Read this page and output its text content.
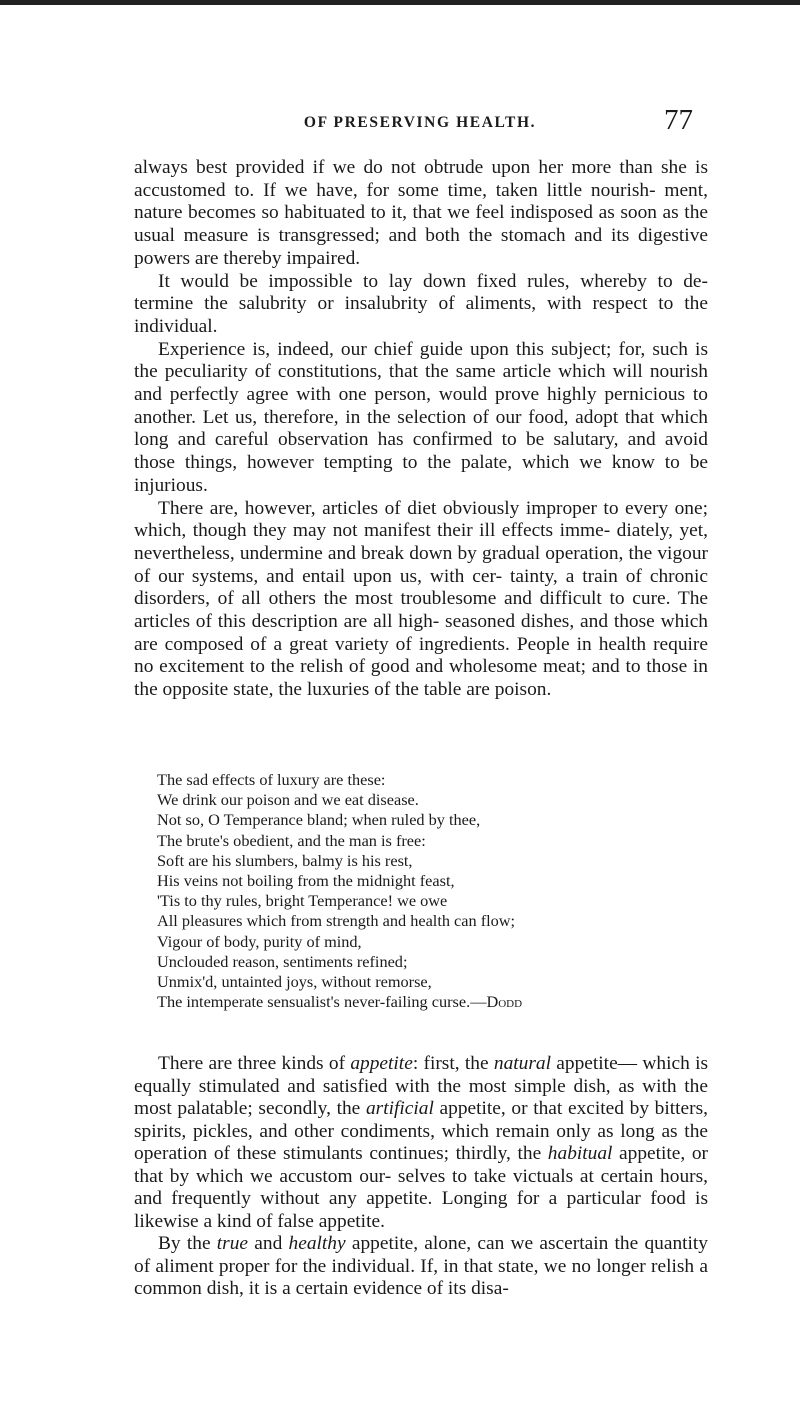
OF PRESERVING HEALTH.	77

always best provided if we do not obtrude upon her more than she is accustomed to. If we have, for some time, taken little nourish- ment, nature becomes so habituated to it, that we feel indisposed as soon as the usual measure is transgressed; and both the stomach and its digestive powers are thereby impaired.

It would be impossible to lay down fixed rules, whereby to de- termine the salubrity or insalubrity of aliments, with respect to the individual.

Experience is, indeed, our chief guide upon this subject; for, such is the peculiarity of constitutions, that the same article which will nourish and perfectly agree with one person, would prove highly pernicious to another. Let us, therefore, in the selection of our food, adopt that which long and careful observation has confirmed to be salutary, and avoid those things, however tempting to the palate, which we know to be injurious.

There are, however, articles of diet obviously improper to every one; which, though they may not manifest their ill effects imme- diately, yet, nevertheless, undermine and break down by gradual operation, the vigour of our systems, and entail upon us, with cer- tainty, a train of chronic disorders, of all others the most troublesome and difficult to cure. The articles of this description are all high- seasoned dishes, and those which are composed of a great variety of ingredients. People in health require no excitement to the relish of good and wholesome meat; and to those in the opposite state, the luxuries of the table are poison.

The sad effects of luxury are these:
We drink our poison and we eat disease.
Not so, O Temperance bland; when ruled by thee,
The brute's obedient, and the man is free:
Soft are his slumbers, balmy is his rest,
His veins not boiling from the midnight feast,
'Tis to thy rules, bright Temperance! we owe
All pleasures which from strength and health can flow;
Vigour of body, purity of mind,
Unclouded reason, sentiments refined;
Unmix'd, untainted joys, without remorse,
The intemperate sensualist's never-failing curse.—Dodd

There are three kinds of appetite: first, the natural appetite— which is equally stimulated and satisfied with the most simple dish, as with the most palatable; secondly, the artificial appetite, or that excited by bitters, spirits, pickles, and other condiments, which remain only as long as the operation of these stimulants continues; thirdly, the habitual appetite, or that by which we accustom our- selves to take victuals at certain hours, and frequently without any appetite. Longing for a particular food is likewise a kind of false appetite.

By the true and healthy appetite, alone, can we ascertain the quantity of aliment proper for the individual. If, in that state, we no longer relish a common dish, it is a certain evidence of its disa-
